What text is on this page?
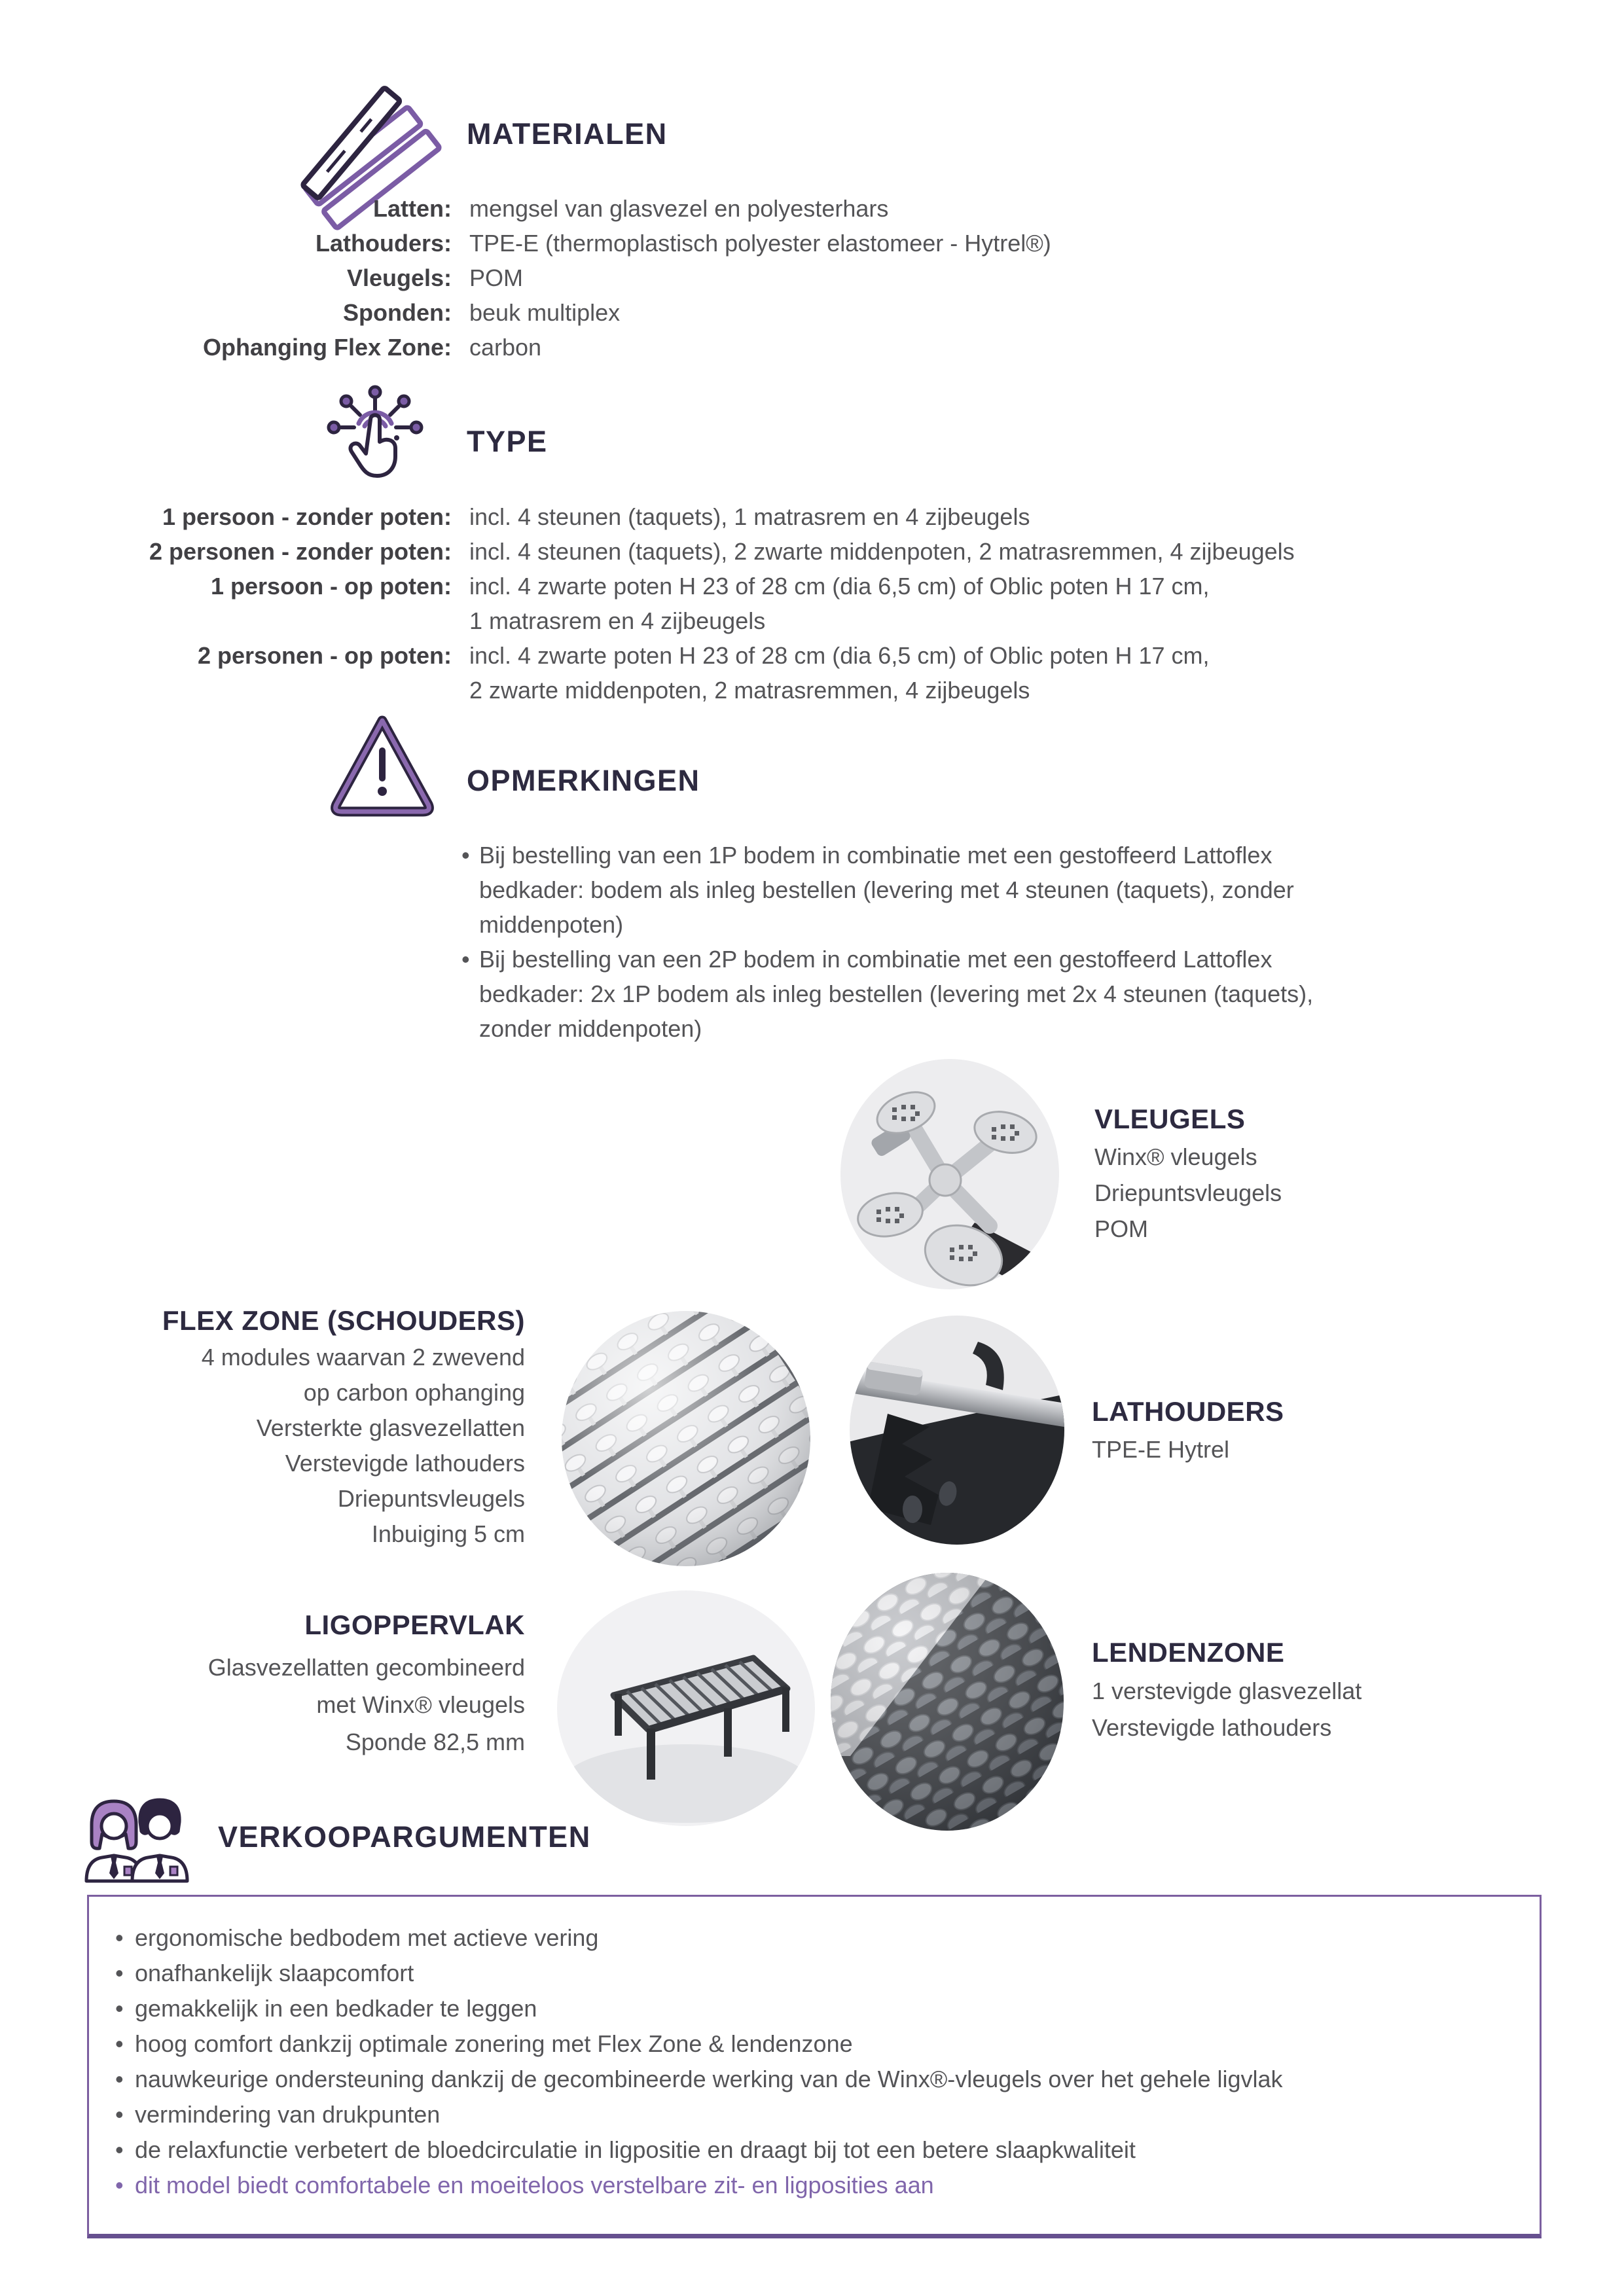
MATERIALEN
Latten: mengsel van glasvezel en polyesterhars
Lathouders: TPE-E (thermoplastisch polyester elastomeer - Hytrel®)
Vleugels: POM
Sponden: beuk multiplex
Ophanging Flex Zone: carbon
TYPE
1 persoon - zonder poten: incl. 4 steunen (taquets), 1 matrasrem en 4 zijbeugels
2 personen - zonder poten: incl. 4 steunen (taquets), 2 zwarte middenpoten, 2 matrasremmen, 4 zijbeugels
1 persoon - op poten: incl. 4 zwarte poten H 23 of 28 cm (dia 6,5 cm) of Oblic poten H 17 cm,
1 matrasrem en 4 zijbeugels
2 personen - op poten: incl. 4 zwarte poten H 23 of 28 cm (dia 6,5 cm) of Oblic poten H 17 cm,
2 zwarte middenpoten, 2 matrasremmen, 4 zijbeugels
OPMERKINGEN
• Bij bestelling van een 1P bodem in combinatie met een gestoffeerd Lattoflex
bedkader: bodem als inleg bestellen (levering met 4 steunen (taquets), zonder
middenpoten)
• Bij bestelling van een 2P bodem in combinatie met een gestoffeerd Lattoflex
bedkader: 2x 1P bodem als inleg bestellen (levering met 2x 4 steunen (taquets),
zonder middenpoten)
VLEUGELS
Winx® vleugels
Driepuntsvleugels
POM
FLEX ZONE (SCHOUDERS)
4 modules waarvan 2 zwevend
op carbon ophanging
Versterkte glasvezellatten
Verstevigde lathouders
Driepuntsvleugels
Inbuiging 5 cm
LATHOUDERS
TPE-E Hytrel
LIGOPPERVLAK
Glasvezellatten gecombineerd
met Winx® vleugels
Sponde 82,5 mm
LENDENZONE
1 verstevigde glasvezellat
Verstevigde lathouders
VERKOOPARGUMENTEN
• ergonomische bedbodem met actieve vering
• onafhankelijk slaapcomfort
• gemakkelijk in een bedkader te leggen
• hoog comfort dankzij optimale zonering met Flex Zone & lendenzone
• nauwkeurige ondersteuning dankzij de gecombineerde werking van de Winx®-vleugels over het gehele ligvlak
• vermindering van drukpunten
• de relaxfunctie verbetert de bloedcirculatie in ligpositie en draagt bij tot een betere slaapkwaliteit
• dit model biedt comfortabele en moeiteloos verstelbare zit- en ligposities aan
